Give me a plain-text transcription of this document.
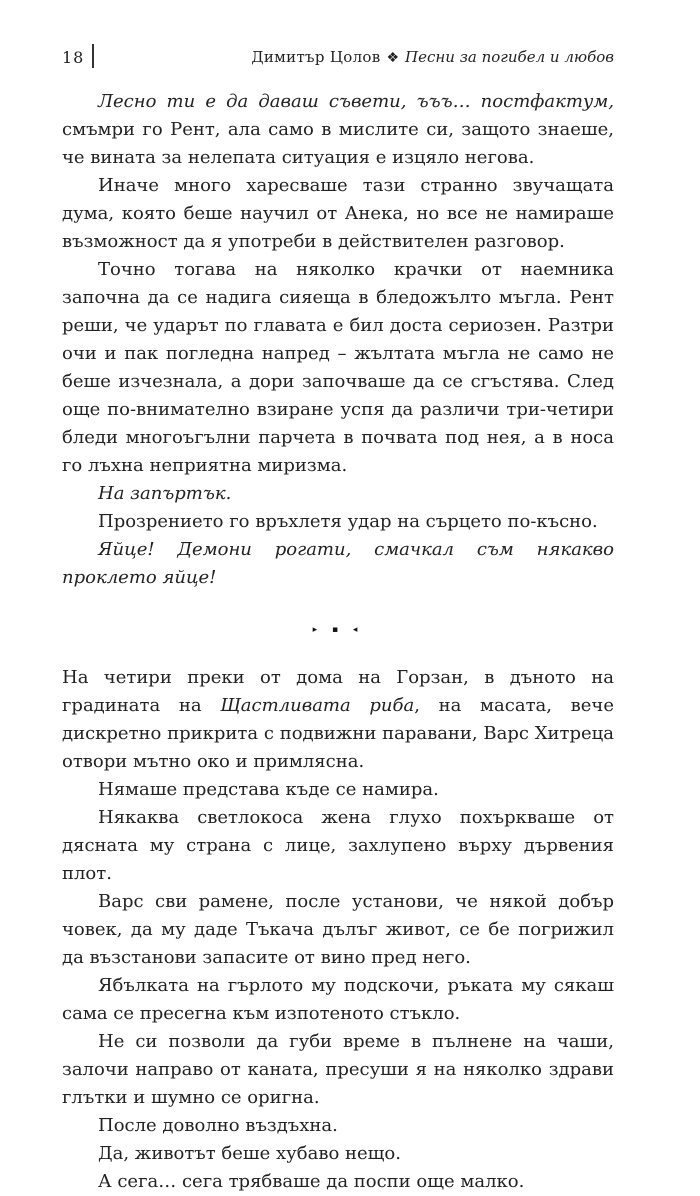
18	Димитър Цолов ❖ Песни за погибел и любов

Лесно ти е да даваш съвети, ъъъ… постфактум, смъмри го Рент, ала само в мислите си, защото знаеше, че вината за нелепата ситуация е изцяло негова.

Иначе много харесваше тази странно звучащата дума, която беше научил от Анека, но все не намираше възможност да я употреби в действителен разговор.

Точно тогава на няколко крачки от наемника започна да се надига сияеща в бледожълто мъгла. Рент реши, че ударът по главата е бил доста сериозен. Разтри очи и пак погледна напред – жълтата мъгла не само не беше изчезнала, а дори започваше да се сгъстява. След още по-внимателно взиране успя да различи три-четири бледи многоъгълни парчета в почвата под нея, а в носа го лъхна неприятна миризма.

На запъртък.

Прозрението го връхлетя удар на сърцето по-късно.

Яйце! Демони рогати, смачкал съм някакво проклето яйце!

▸ ▪ ◂

На четири преки от дома на Горзан, в дъното на градината на Щастливата риба, на масата, вече дискретно прикрита с подвижни паравани, Варс Хитреца отвори мътно око и примлясна.

Нямаше представа къде се намира.

Някаква светлокоса жена глухо похъркваше от дясната му страна с лице, захлупено върху дървения плот.

Варс сви рамене, после установи, че някой добър човек, да му даде Тъкача дълъг живот, се бе погрижил да възстанови запасите от вино пред него.

Ябълката на гърлото му подскочи, ръката му сякаш сама се пресегна към изпотеното стъкло.

Не си позволи да губи време в пълнене на чаши, залочи направо от каната, пресуши я на няколко здрави глътки и шумно се оригна.

После доволно въздъхна.

Да, животът беше хубаво нещо.

А сега… сега трябваше да поспи още малко.
